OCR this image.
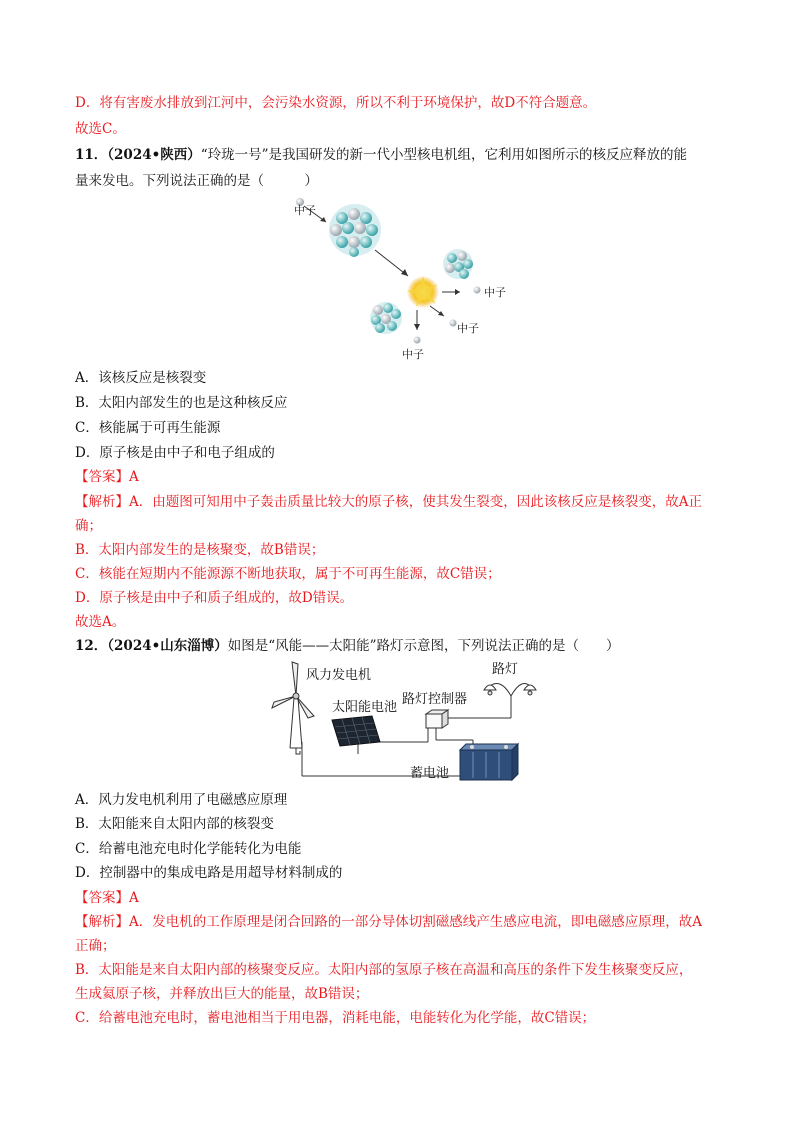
D．将有害废水排放到江河中，会污染水资源，所以不利于环境保护，故D不符合题意。
故选C。
11．（2024•陕西）“玲珑一号”是我国研发的新一代小型核电机组，它利用如图所示的核反应释放的能
量来发电。下列说法正确的是（　　　）
中子
中子
中子
中子
A．该核反应是核裂变
B．太阳内部发生的也是这种核反应
C．核能属于可再生能源
D．原子核是由中子和电子组成的
【答案】A
【解析】A．由题图可知用中子轰击质量比较大的原子核，使其发生裂变，因此该核反应是核裂变，故A正
确；
B．太阳内部发生的是核聚变，故B错误；
C．核能在短期内不能源源不断地获取，属于不可再生能源，故C错误；
D．原子核是由中子和质子组成的，故D错误。
故选A。
12．（2024•山东淄博）如图是“风能——太阳能”路灯示意图，下列说法正确的是（　　）
风力发电机
太阳能电池
路灯控制器
路灯
蓄电池
A．风力发电机利用了电磁感应原理
B．太阳能来自太阳内部的核裂变
C．给蓄电池充电时化学能转化为电能
D．控制器中的集成电路是用超导材料制成的
【答案】A
【解析】A．发电机的工作原理是闭合回路的一部分导体切割磁感线产生感应电流，即电磁感应原理，故A
正确；
B．太阳能是来自太阳内部的核聚变反应。太阳内部的氢原子核在高温和高压的条件下发生核聚变反应，
生成氦原子核，并释放出巨大的能量，故B错误；
C．给蓄电池充电时，蓄电池相当于用电器，消耗电能，电能转化为化学能，故C错误；
